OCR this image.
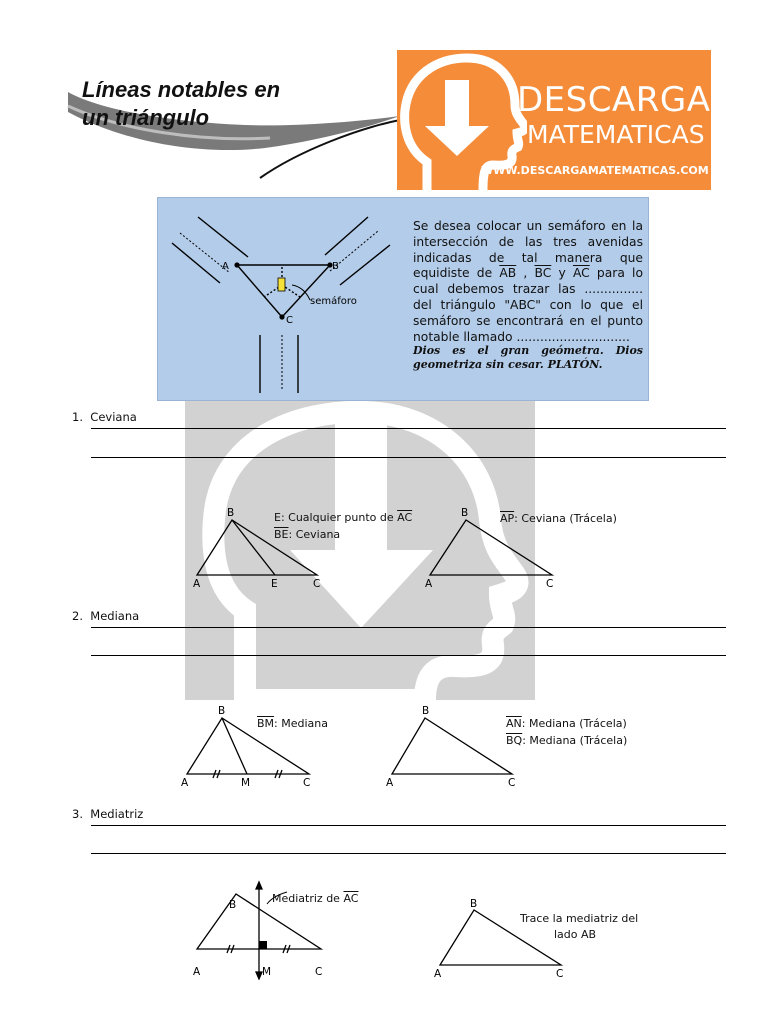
Líneas notables en
un triángulo	DESCARGA
MATEMATICAS
WWW.DESCARGAMATEMATICAS.COM
A	B
C
semáforo
Se desea colocar un semáforo en la intersección de las tres avenidas indicadas de tal manera que equidiste de $\overline{AB}$ , $\overline{BC}$ y $\overline{AC}$ para lo cual debemos trazar las ............... del triángulo "ABC" con lo que el semáforo se encontrará en el punto notable llamado .............................
Dios es el gran geómetra. Dios geometriza sin cesar. PLATÓN.
1. Ceviana
B
A	E	C
E: Cualquier punto de $\overline{AC}$
$\overline{BE}$: Ceviana
B
A	C
$\overline{AP}$: Ceviana (Trácela)
2. Mediana
B
A	M	C
$\overline{BM}$: Mediana
B
A	C
$\overline{AN}$: Mediana (Trácela)
$\overline{BQ}$: Mediana (Trácela)
3. Mediatriz
B
A	M	C
Mediatriz de $\overline{AC}$	B
A	C
Trace la mediatriz del
lado AB
